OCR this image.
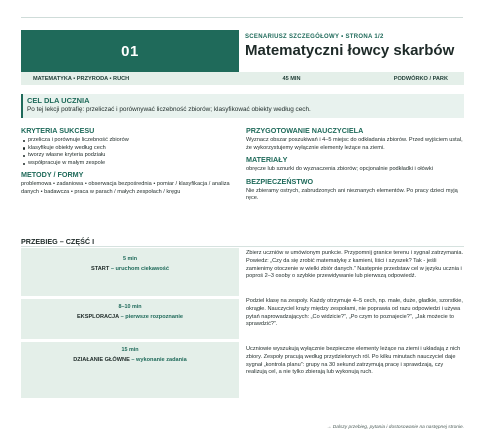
01
SCENARIUSZ SZCZEGÓŁOWY • STRONA 1/2
Matematyczni łowcy skarbów
MATEMATYKA • PRZYRODA • RUCH	45 MIN	PODWÓRKO / PARK
CEL DLA UCZNIA

Po tej lekcji potrafię: przeliczać i porównywać liczebność zbiorów; klasyfikować obiekty według cech.

KRYTERIA SUKCESU
przelicza i porównuje liczebność zbiorów
klasyfikuje obiekty według cech
tworzy własne kryteria podziału
współpracuje w małym zespole
METODY / FORMY
problemowa • zadaniowa • obserwacja bezpośrednia • pomiar / klasyfikacja / analiza danych • badawcza • praca w parach / małych zespołach / kręgu
PRZYGOTOWANIE NAUCZYCIELA
Wyznacz obszar poszukiwań i 4–5 miejsc do odkładania zbiorów. Przed wyjściem ustal, że wykorzystujemy wyłącznie elementy leżące na ziemi.
MATERIAŁY
obręcze lub sznurki do wyznaczenia zbiorów; opcjonalnie podkładki i ołówki
BEZPIECZEŃSTWO
Nie zbieramy ostrych, zabrudzonych ani nieznanych elementów. Po pracy dzieci myją ręce.
PRZEBIEG – CZĘŚĆ I
5 min
START – uruchom ciekawość
Zbierz uczniów w umówionym punkcie. Przypomnij granice terenu i sygnał zatrzymania. Powiedz: „Czy da się zrobić matematykę z kamieni, liści i szyszek? Tak - jeśli zamienimy otoczenie w wielki zbiór danych.” Następnie przedstaw cel w języku ucznia i poproś 2–3 osoby o szybkie przewidywanie lub pierwszą odpowiedź.
8–10 min
EKSPLORACJA – pierwsze rozpoznanie
Podziel klasę na zespoły. Każdy otrzymuje 4–5 cech, np. małe, duże, gładkie, szorstkie, okrągłe. Nauczyciel krąży między zespołami, nie poprawia od razu odpowiedzi i używa pytań naprowadzających: „Co widzicie?”, „Po czym to poznajecie?”, „Jak możecie to sprawdzić?”.
15 min
DZIAŁANIE GŁÓWNE – wykonanie zadania
Uczniowie wyszukują wyłącznie bezpieczne elementy leżące na ziemi i układają z nich zbiory. Zespoły pracują według przydzielonych ról. Po kilku minutach nauczyciel daje sygnał „kontrola planu”: grupy na 30 sekund zatrzymują pracę i sprawdzają, czy realizują cel, a nie tylko zbierają lub wykonują ruch.
→ Dalszy przebieg, pytania i dostosowanie na następnej stronie.
